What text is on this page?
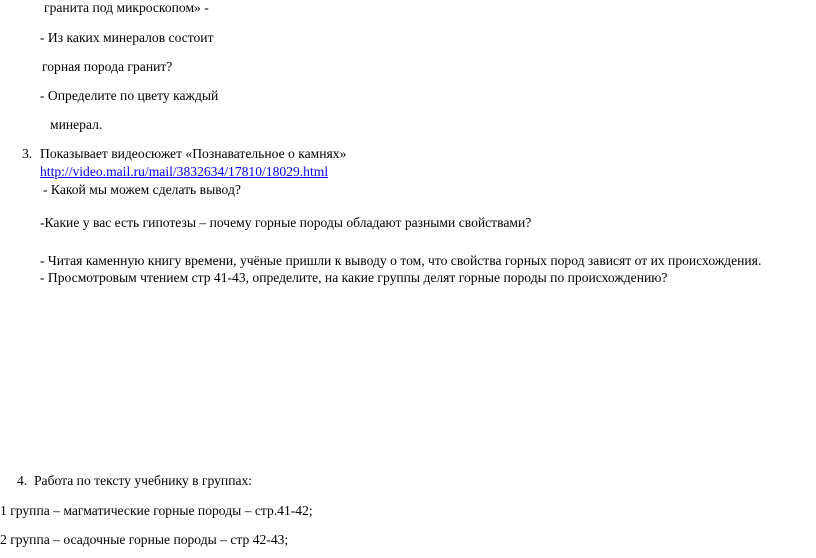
гранита под микроскопом» -
- Из каких минералов состоит
горная порода гранит?
- Определите по цвету каждый
минерал.
3. Показывает видеосюжет «Познавательное о камнях»
http://video.mail.ru/mail/3832634/17810/18029.html
- Какой мы можем сделать вывод?
-Какие у вас есть гипотезы – почему горные породы обладают разными свойствами?
- Читая каменную книгу времени, учёные пришли к выводу о том, что свойства горных пород зависят от их происхождения.
- Просмотровым чтением стр 41-43, определите, на какие группы делят горные породы по происхождению?
4. Работа по тексту учебнику в группах:
1 группа – магматические горные породы – стр.41-42;
2 группа – осадочные горные породы – стр 42-43;
